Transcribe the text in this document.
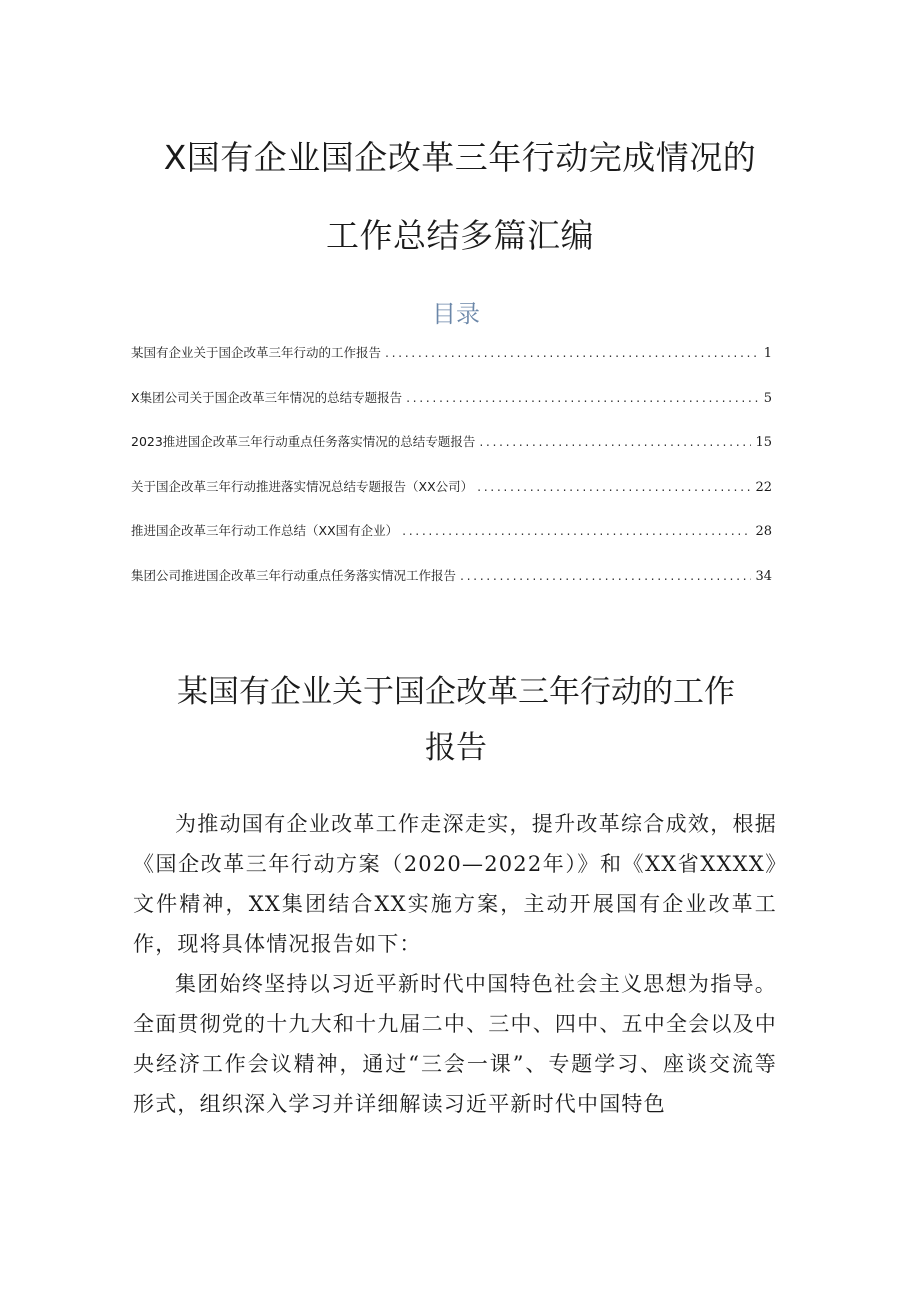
X国有企业国企改革三年行动完成情况的
工作总结多篇汇编
目录
某国有企业关于国企改革三年行动的工作报告 .....	1
X集团公司关于国企改革三年情况的总结专题报告 .....	5
2023推进国企改革三年行动重点任务落实情况的总结专题报告 .....	15
关于国企改革三年行动推进落实情况总结专题报告（XX公司） .....	22
推进国企改革三年行动工作总结（XX国有企业） .....	28
集团公司推进国企改革三年行动重点任务落实情况工作报告 .....	34
某国有企业关于国企改革三年行动的工作
报告

为推动国有企业改革工作走深走实，提升改革综合成效，根据《国企改革三年行动方案（2020—2022年）》和《XX省XXXX》文件精神，XX集团结合XX实施方案，主动开展国有企业改革工作，现将具体情况报告如下：

集团始终坚持以习近平新时代中国特色社会主义思想为指导。全面贯彻党的十九大和十九届二中、三中、四中、五中全会以及中央经济工作会议精神，通过“三会一课”、专题学习、座谈交流等形式，组织深入学习并详细解读习近平新时代中国特色
